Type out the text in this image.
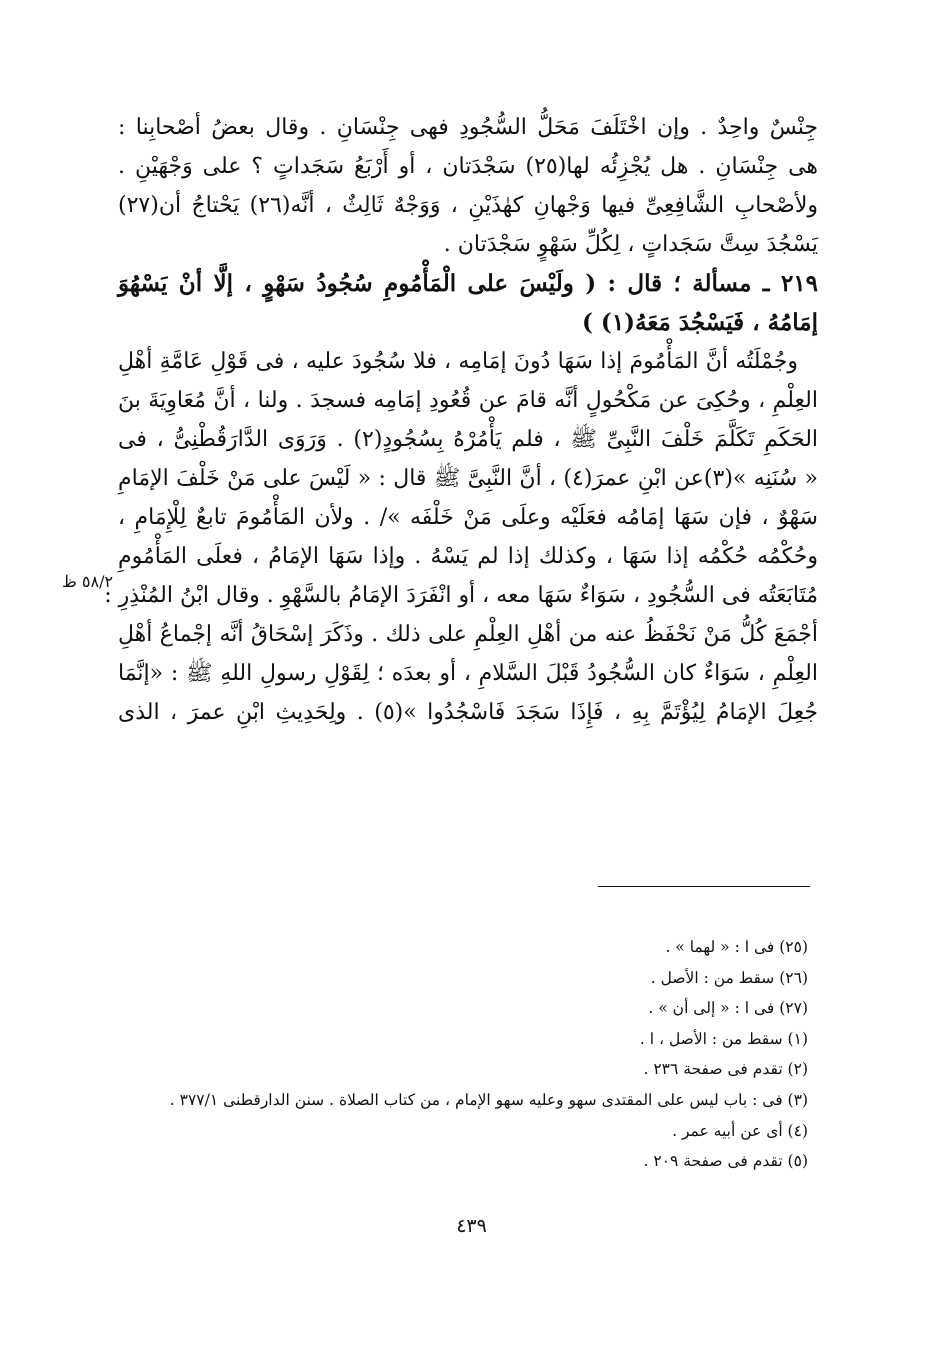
جِنْسٌ واحِدٌ . وإن اخْتَلَفَ مَحَلُّ السُّجُودِ فهى جِنْسَانِ . وقال بعضُ أصْحابِنا :
هى جِنْسَانِ . هل يُجْزِئُه لها(٢٥) سَجْدَتان ، أو أَرْبَعُ سَجَداتٍ ؟ على وَجْهَيْنِ .
ولأصْحابِ الشَّافِعِىِّ فيها وَجْهانِ كهٰذَيْنِ ، وَوَجْهٌ ثَالِثٌ ، أنَّه(٢٦) يَحْتاجُ أن(٢٧)
يَسْجُدَ سِتَّ سَجَداتٍ ، لِكُلِّ سَهْوٍ سَجْدَتان .
٢١٩ ـ مسألة ؛ قال : ( ولَيْسَ على الْمَأْمُومِ سُجُودُ سَهْوٍ ، إلَّا أنْ يَسْهُوَ
إمَامُهُ ، فَيَسْجُدَ مَعَهُ(١) )
وجُمْلَتُه أنَّ المَأْمُومَ إذا سَهَا دُونَ إمَامِه ، فلا سُجُودَ عليه ، فى قَوْلِ عَامَّةِ أهْلِ
العِلْمِ ، وحُكِىَ عن مَكْحُولٍ أنَّه قامَ عن قُعُودِ إمَامِه فسجدَ . ولنا ، أنَّ مُعَاوِيَةَ بنَ
الحَكَمِ تَكَلَّمَ خَلْفَ النَّبِىِّ ﷺ ، فلم يَأْمُرْهُ بِسُجُودٍ(٢) . وَرَوَى الدَّارَقُطْنِىُّ ، فى
« سُنَنِه »(٣)عن ابْنِ عمرَ(٤) ، أنَّ النَّبِىَّ ﷺ قال : « لَيْسَ على مَنْ خَلْفَ الإمَامِ
سَهْوٌ ، فإن سَهَا إمَامُه فعَلَيْه وعلَى مَنْ خَلْفَه »/ . ولأن المَأْمُومَ تابعٌ لِلْإِمَامِ ،
وحُكْمُه حُكْمُه إذا سَهَا ، وكذلك إذا لم يَسْهُ . وإذا سَهَا الإمَامُ ، فعلَى المَأْمُومِ
مُتَابَعَتُه فى السُّجُودِ ، سَوَاءٌ سَهَا معه ، أو انْفَرَدَ الإمَامُ بالسَّهْوِ . وقال ابْنُ المُنْذِرِ :
أجْمَعَ كُلُّ مَنْ نَحْفَظُ عنه من أهْلِ العِلْمِ على ذلك . وذَكَرَ إسْحَاقُ أنَّه إجْماعُ أهْلِ
العِلْمِ ، سَوَاءٌ كان السُّجُودُ قَبْلَ السَّلامِ ، أو بعدَه ؛ لِقَوْلِ رسولِ اللهِ ﷺ : «إنَّمَا
جُعِلَ الإمَامُ لِيُؤْتَمَّ بِهِ ، فَإِذَا سَجَدَ فَاسْجُدُوا »(٥) . ولِحَدِيثِ ابْنِ عمرَ ، الذى
٥٨/٢ ظ
(٢٥) فى ا : « لهما » .
(٢٦) سقط من : الأصل .
(٢٧) فى ا : « إلى أن » .
(١) سقط من : الأصل ، ا .
(٢) تقدم فى صفحة ٢٣٦ .
(٣) فى : باب ليس على المقتدى سهو وعليه سهو الإمام ، من كتاب الصلاة . سنن الدارقطنى ٣٧٧/١ .
(٤) أى عن أبيه عمر .
(٥) تقدم فى صفحة ٢٠٩ .
٤٣٩
